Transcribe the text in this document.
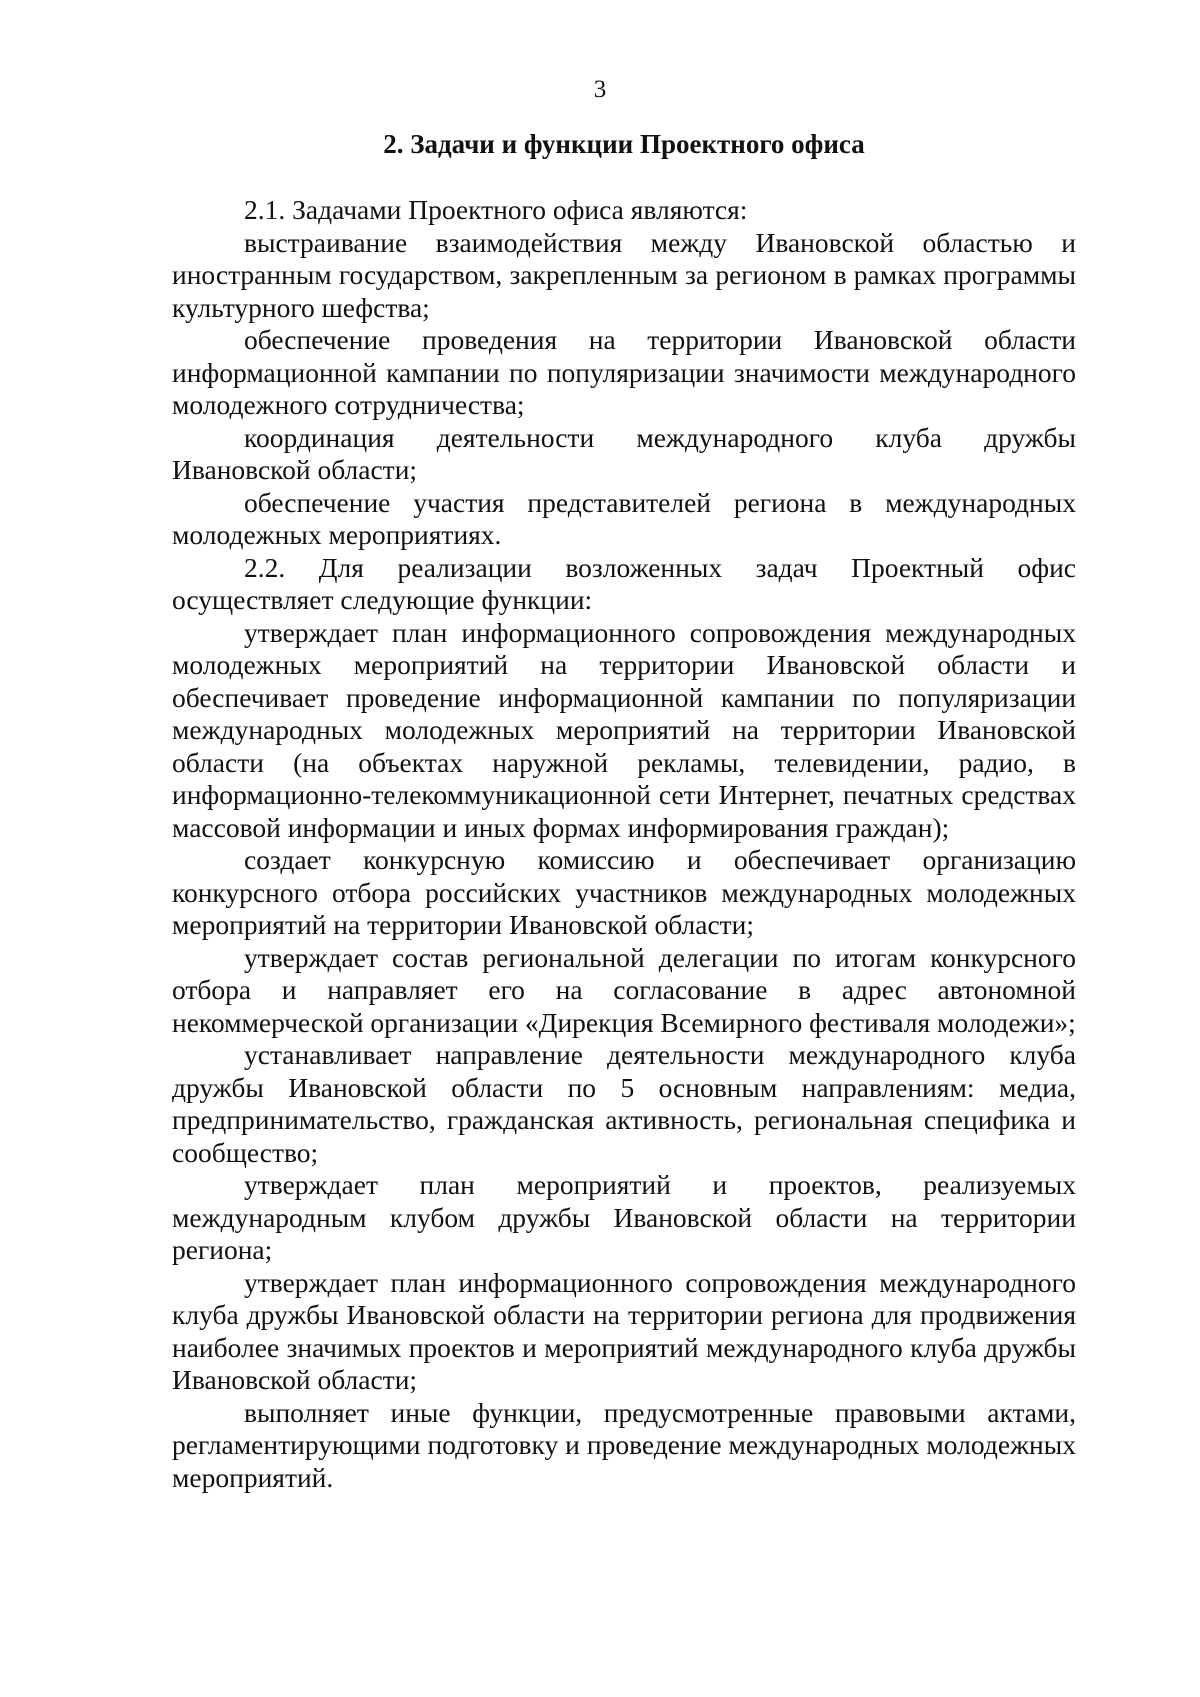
3
2. Задачи и функции Проектного офиса

2.1. Задачами Проектного офиса являются:

выстраивание взаимодействия между Ивановской областью и иностранным государством, закрепленным за регионом в рамках программы культурного шефства;

обеспечение проведения на территории Ивановской области информационной кампании по популяризации значимости международного молодежного сотрудничества;

координация деятельности международного клуба дружбы Ивановской области;

обеспечение участия представителей региона в международных молодежных мероприятиях.

2.2. Для реализации возложенных задач Проектный офис осуществляет следующие функции:

утверждает план информационного сопровождения международных молодежных мероприятий на территории Ивановской области и обеспечивает проведение информационной кампании по популяризации международных молодежных мероприятий на территории Ивановской области (на объектах наружной рекламы, телевидении, радио, в информационно-телекоммуникационной сети Интернет, печатных средствах массовой информации и иных формах информирования граждан);

создает конкурсную комиссию и обеспечивает организацию конкурсного отбора российских участников международных молодежных мероприятий на территории Ивановской области;

утверждает состав региональной делегации по итогам конкурсного отбора и направляет его на согласование в адрес автономной некоммерческой организации «Дирекция Всемирного фестиваля молодежи»;

устанавливает направление деятельности международного клуба дружбы Ивановской области по 5 основным направлениям: медиа, предпринимательство, гражданская активность, региональная специфика и сообщество;

утверждает план мероприятий и проектов, реализуемых международным клубом дружбы Ивановской области на территории региона;

утверждает план информационного сопровождения международного клуба дружбы Ивановской области на территории региона для продвижения наиболее значимых проектов и мероприятий международного клуба дружбы Ивановской области;

выполняет иные функции, предусмотренные правовыми актами, регламентирующими подготовку и проведение международных молодежных мероприятий.
